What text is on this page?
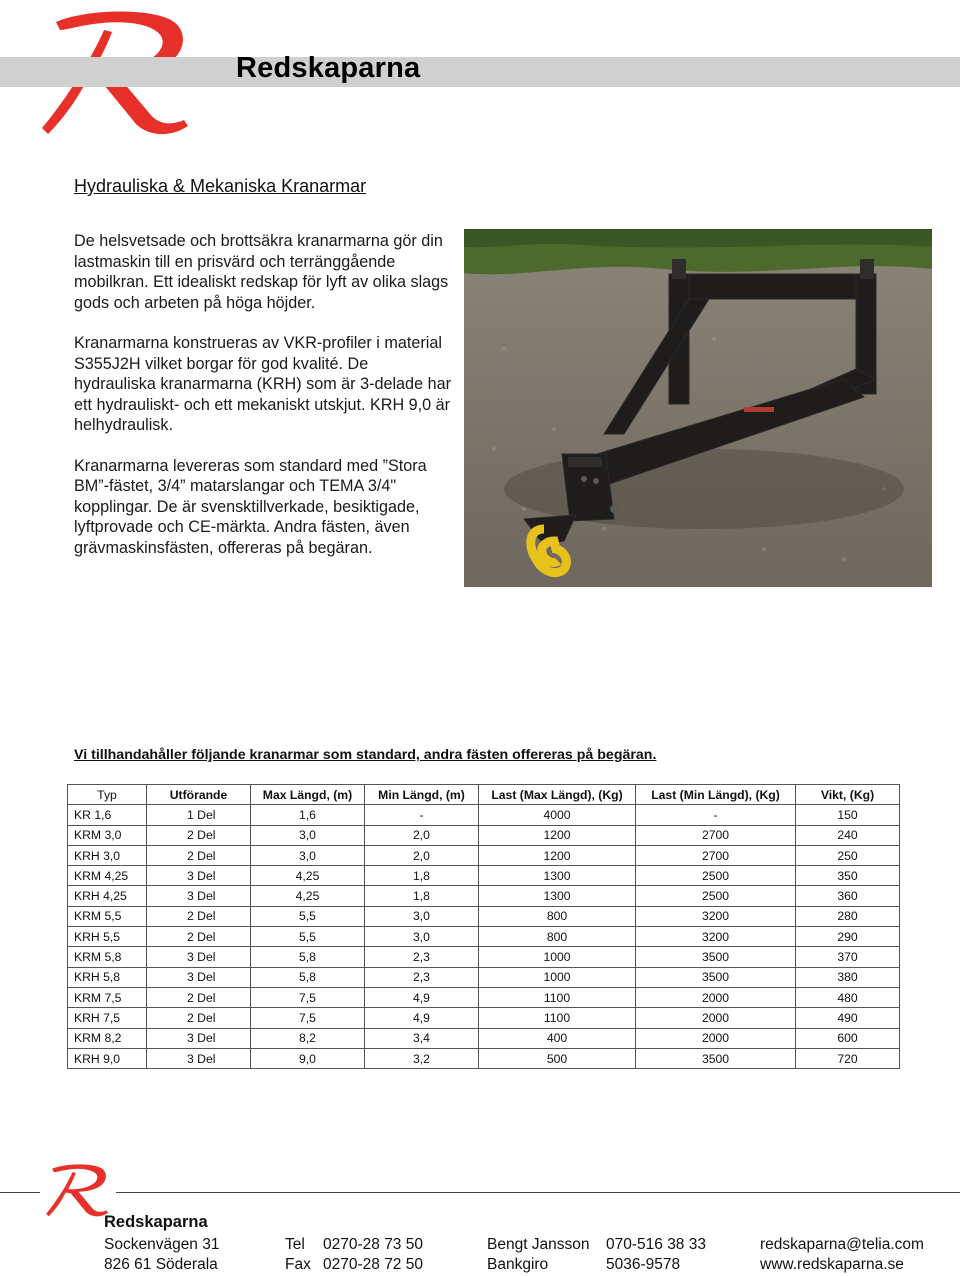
Redskaparna
Hydrauliska & Mekaniska Kranarmar

De helsvetsade och brottsäkra kranarmarna gör din lastmaskin till en prisvärd och terränggående mobilkran. Ett idealiskt redskap för lyft av olika slags gods och arbeten på höga höjder.

Kranarmarna konstrueras av VKR-profiler i material S355J2H vilket borgar för god kvalité. De hydrauliska kranarmarna (KRH) som är 3-delade har ett hydrauliskt- och ett mekaniskt utskjut. KRH 9,0 är helhydraulisk.

Kranarmarna levereras som standard med ”Stora BM”-fästet, 3/4” matarslangar och TEMA 3/4" kopplingar. De är svensktillverkade, besiktigade, lyftprovade och CE-märkta. Andra fästen, även grävmaskinsfästen, offereras på begäran.

Vi tillhandahåller följande kranarmar som standard, andra fästen offereras på begäran.
Typ	Utförande	Max Längd, (m)	Min Längd, (m)	Last (Max Längd), (Kg)	Last (Min Längd), (Kg)	Vikt, (Kg)
KR 1,6	1 Del	1,6	-	4000	-	150
KRM 3,0	2 Del	3,0	2,0	1200	2700	240
KRH 3,0	2 Del	3,0	2,0	1200	2700	250
KRM 4,25	3 Del	4,25	1,8	1300	2500	350
KRH 4,25	3 Del	4,25	1,8	1300	2500	360
KRM 5,5	2 Del	5,5	3,0	800	3200	280
KRH 5,5	2 Del	5,5	3,0	800	3200	290
KRM 5,8	3 Del	5,8	2,3	1000	3500	370
KRH 5,8	3 Del	5,8	2,3	1000	3500	380
KRM 7,5	2 Del	7,5	4,9	1100	2000	480
KRH 7,5	2 Del	7,5	4,9	1100	2000	490
KRM 8,2	3 Del	8,2	3,4	400	2000	600
KRH 9,0	3 Del	9,0	3,2	500	3500	720
Redskaparna
Sockenvägen 31
826 61 Söderala
Tel 0270-28 73 50
Fax 0270-28 72 50
Bengt Jansson 070-516 38 33
Bankgiro	5036-9578
redskaparna@telia.com
www.redskaparna.se
